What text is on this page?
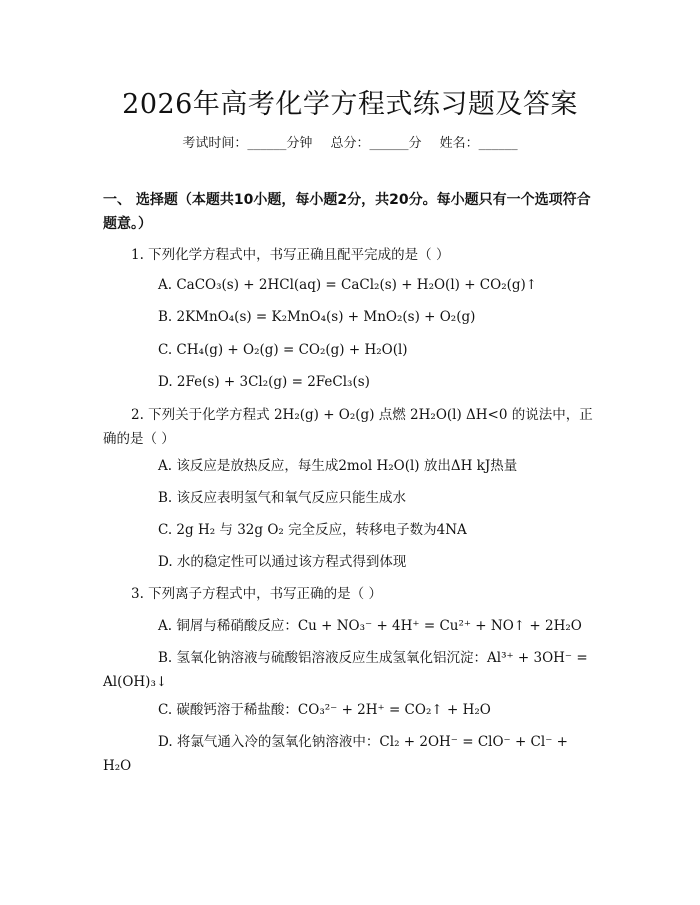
2026年高考化学方程式练习题及答案
考试时间：______分钟 总分：______分 姓名：______
一、 选择题（本题共10小题，每小题2分，共20分。每小题只有一个选项符合题意。）
1. 下列化学方程式中，书写正确且配平完成的是（ ）
A. CaCO₃(s) + 2HCl(aq) = CaCl₂(s) + H₂O(l) + CO₂(g)↑
B. 2KMnO₄(s) = K₂MnO₄(s) + MnO₂(s) + O₂(g)
C. CH₄(g) + O₂(g) = CO₂(g) + H₂O(l)
D. 2Fe(s) + 3Cl₂(g) = 2FeCl₃(s)
2. 下列关于化学方程式 2H₂(g) + O₂(g) 点燃 2H₂O(l) ΔH<0 的说法中，正确的是（ ）
A. 该反应是放热反应，每生成2mol H₂O(l) 放出ΔH kJ热量
B. 该反应表明氢气和氧气反应只能生成水
C. 2g H₂ 与 32g O₂ 完全反应，转移电子数为4NA
D. 水的稳定性可以通过该方程式得到体现
3. 下列离子方程式中，书写正确的是（ ）
A. 铜屑与稀硝酸反应：Cu + NO₃⁻ + 4H⁺ = Cu²⁺ + NO↑ + 2H₂O
B. 氢氧化钠溶液与硫酸铝溶液反应生成氢氧化铝沉淀：Al³⁺ + 3OH⁻ = Al(OH)₃↓
C. 碳酸钙溶于稀盐酸：CO₃²⁻ + 2H⁺ = CO₂↑ + H₂O
D. 将氯气通入冷的氢氧化钠溶液中：Cl₂ + 2OH⁻ = ClO⁻ + Cl⁻ + H₂O
